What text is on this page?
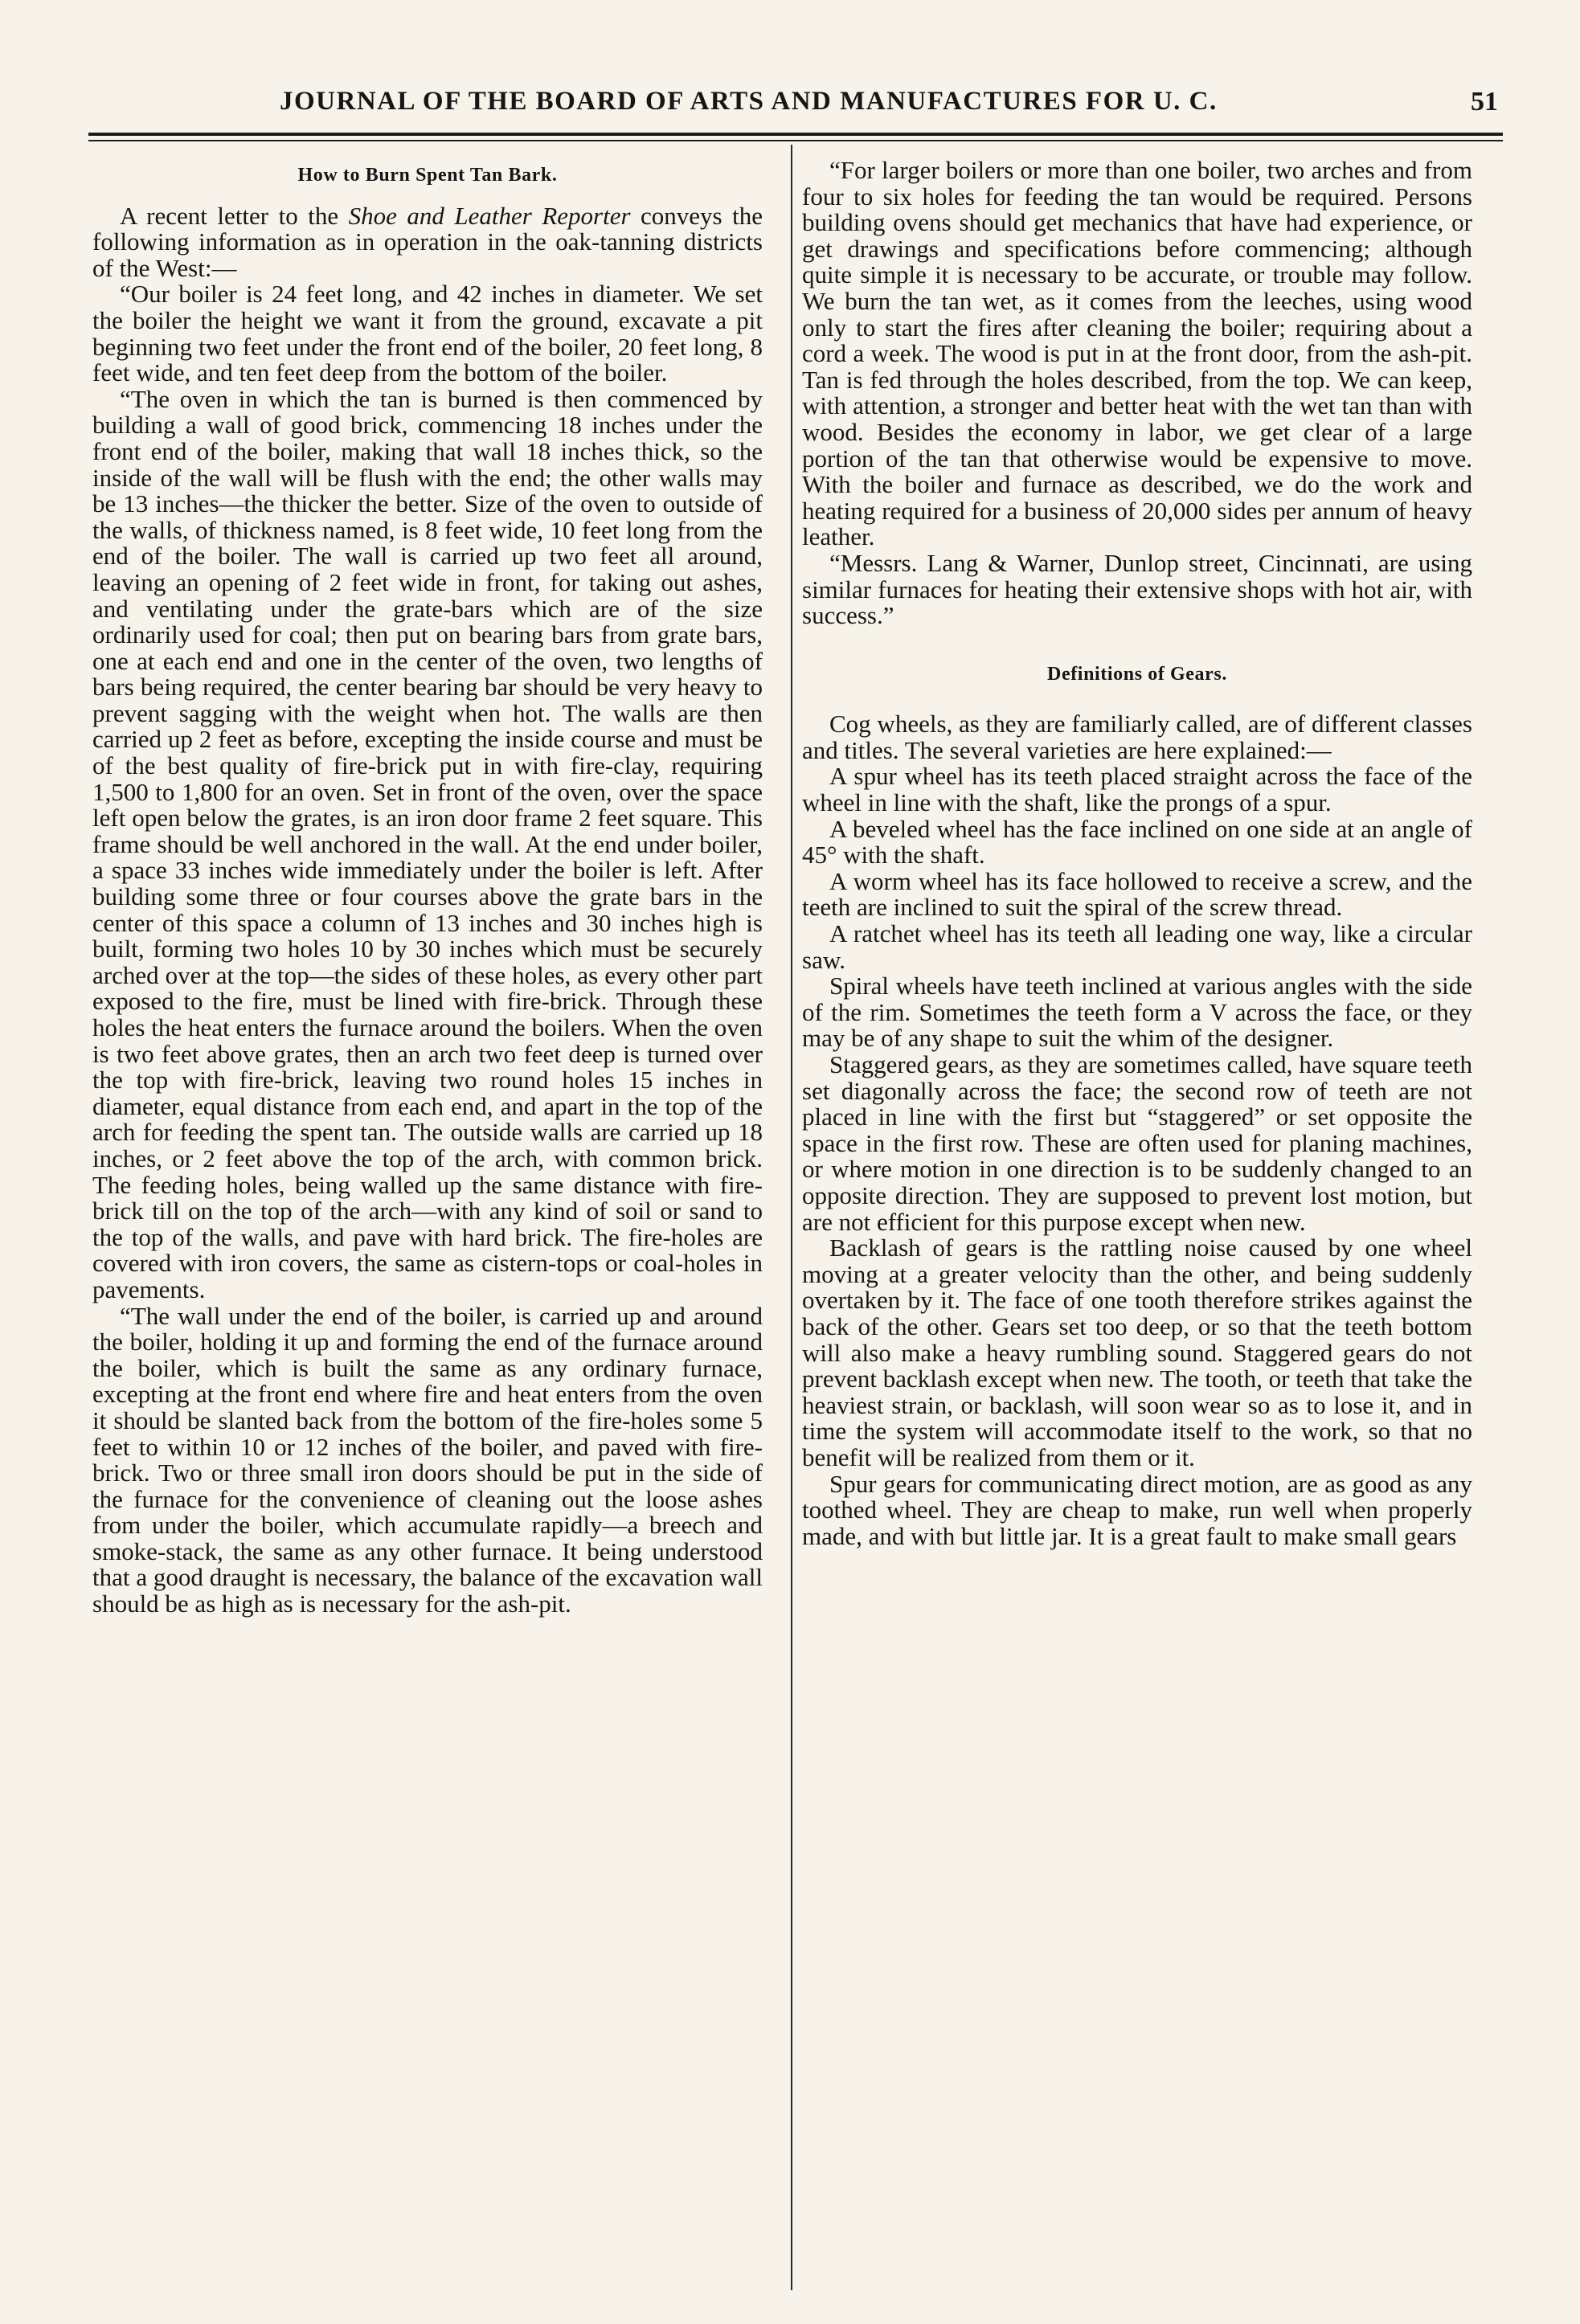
JOURNAL OF THE BOARD OF ARTS AND MANUFACTURES FOR U. C.	51
How to Burn Spent Tan Bark.

A recent letter to the Shoe and Leather Reporter conveys the following information as in operation in the oak-tanning districts of the West:—

“Our boiler is 24 feet long, and 42 inches in diameter. We set the boiler the height we want it from the ground, excavate a pit beginning two feet under the front end of the boiler, 20 feet long, 8 feet wide, and ten feet deep from the bottom of the boiler.

“The oven in which the tan is burned is then commenced by building a wall of good brick, commencing 18 inches under the front end of the boiler, making that wall 18 inches thick, so the inside of the wall will be flush with the end; the other walls may be 13 inches—the thicker the better. Size of the oven to outside of the walls, of thickness named, is 8 feet wide, 10 feet long from the end of the boiler. The wall is carried up two feet all around, leaving an opening of 2 feet wide in front, for taking out ashes, and ventilating under the grate-bars which are of the size ordinarily used for coal; then put on bearing bars from grate bars, one at each end and one in the center of the oven, two lengths of bars being required, the center bearing bar should be very heavy to prevent sagging with the weight when hot. The walls are then carried up 2 feet as before, excepting the inside course and must be of the best quality of fire-brick put in with fire-clay, requiring 1,500 to 1,800 for an oven. Set in front of the oven, over the space left open below the grates, is an iron door frame 2 feet square. This frame should be well anchored in the wall. At the end under boiler, a space 33 inches wide immediately under the boiler is left. After building some three or four courses above the grate bars in the center of this space a column of 13 inches and 30 inches high is built, forming two holes 10 by 30 inches which must be securely arched over at the top—the sides of these holes, as every other part exposed to the fire, must be lined with fire-brick. Through these holes the heat enters the furnace around the boilers. When the oven is two feet above grates, then an arch two feet deep is turned over the top with fire-brick, leaving two round holes 15 inches in diameter, equal distance from each end, and apart in the top of the arch for feeding the spent tan. The outside walls are carried up 18 inches, or 2 feet above the top of the arch, with common brick. The feeding holes, being walled up the same distance with fire-brick till on the top of the arch—with any kind of soil or sand to the top of the walls, and pave with hard brick. The fire-holes are covered with iron covers, the same as cistern-tops or coal-holes in pavements.

“The wall under the end of the boiler, is carried up and around the boiler, holding it up and forming the end of the furnace around the boiler, which is built the same as any ordinary furnace, excepting at the front end where fire and heat enters from the oven it should be slanted back from the bottom of the fire-holes some 5 feet to within 10 or 12 inches of the boiler, and paved with fire-brick. Two or three small iron doors should be put in the side of the furnace for the convenience of cleaning out the loose ashes from under the boiler, which accumulate rapidly—a breech and smoke-stack, the same as any other furnace. It being understood that a good draught is necessary, the balance of the excavation wall should be as high as is necessary for the ash-pit.

“For larger boilers or more than one boiler, two arches and from four to six holes for feeding the tan would be required. Persons building ovens should get mechanics that have had experience, or get drawings and specifications before commencing; although quite simple it is necessary to be accurate, or trouble may follow. We burn the tan wet, as it comes from the leeches, using wood only to start the fires after cleaning the boiler; requiring about a cord a week. The wood is put in at the front door, from the ash-pit. Tan is fed through the holes described, from the top. We can keep, with attention, a stronger and better heat with the wet tan than with wood. Besides the economy in labor, we get clear of a large portion of the tan that otherwise would be expensive to move. With the boiler and furnace as described, we do the work and heating required for a business of 20,000 sides per annum of heavy leather.

“Messrs. Lang & Warner, Dunlop street, Cincinnati, are using similar furnaces for heating their extensive shops with hot air, with success.”

Definitions of Gears.

Cog wheels, as they are familiarly called, are of different classes and titles. The several varieties are here explained:—

A spur wheel has its teeth placed straight across the face of the wheel in line with the shaft, like the prongs of a spur.

A beveled wheel has the face inclined on one side at an angle of 45° with the shaft.

A worm wheel has its face hollowed to receive a screw, and the teeth are inclined to suit the spiral of the screw thread.

A ratchet wheel has its teeth all leading one way, like a circular saw.

Spiral wheels have teeth inclined at various angles with the side of the rim. Sometimes the teeth form a V across the face, or they may be of any shape to suit the whim of the designer.

Staggered gears, as they are sometimes called, have square teeth set diagonally across the face; the second row of teeth are not placed in line with the first but “staggered” or set opposite the space in the first row. These are often used for planing machines, or where motion in one direction is to be suddenly changed to an opposite direction. They are supposed to prevent lost motion, but are not efficient for this purpose except when new.

Backlash of gears is the rattling noise caused by one wheel moving at a greater velocity than the other, and being suddenly overtaken by it. The face of one tooth therefore strikes against the back of the other. Gears set too deep, or so that the teeth bottom will also make a heavy rumbling sound. Staggered gears do not prevent backlash except when new. The tooth, or teeth that take the heaviest strain, or backlash, will soon wear so as to lose it, and in time the system will accommodate itself to the work, so that no benefit will be realized from them or it.

Spur gears for communicating direct motion, are as good as any toothed wheel. They are cheap to make, run well when properly made, and with but little jar. It is a great fault to make small gears
